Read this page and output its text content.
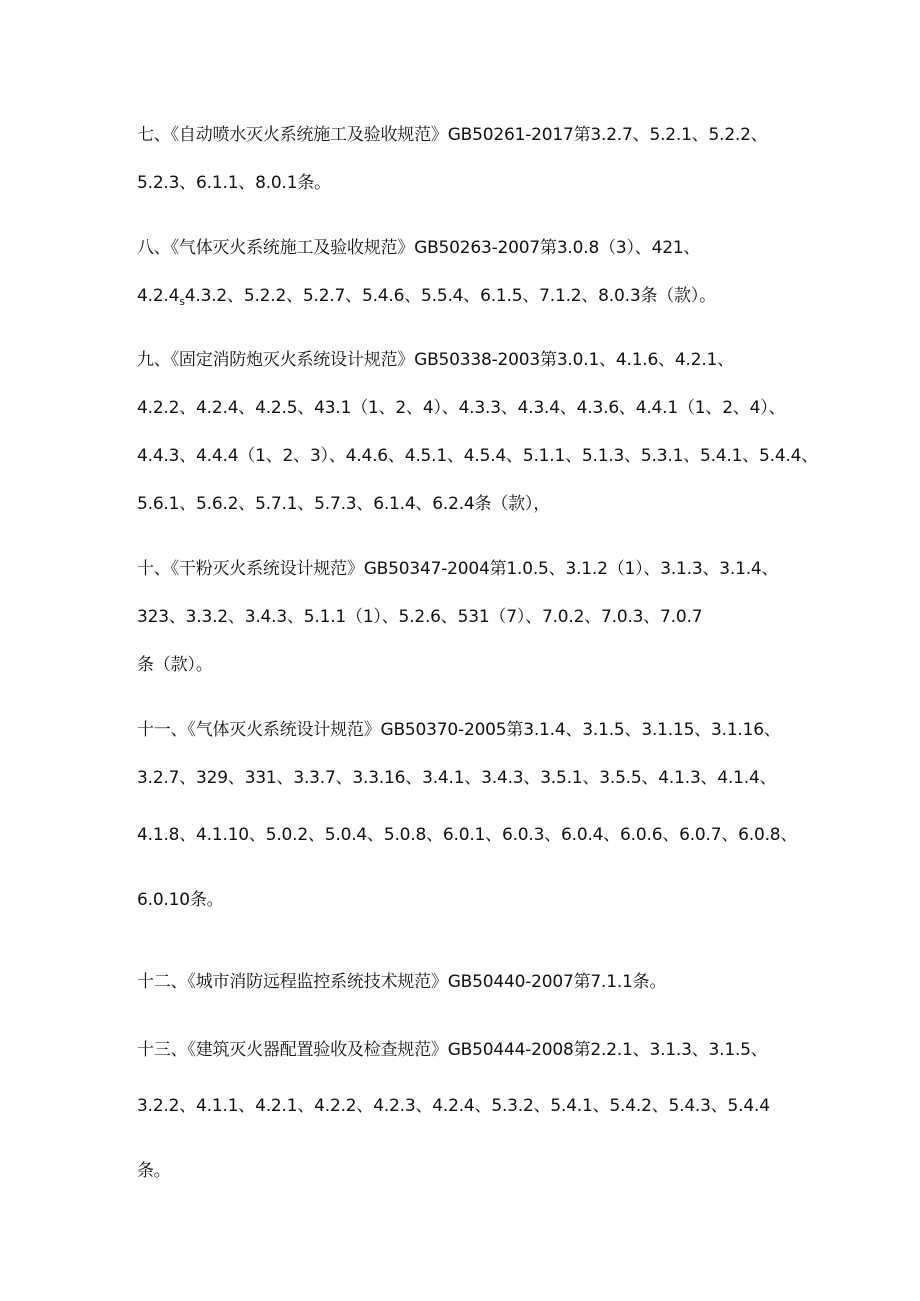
七、《自动喷水灭火系统施工及验收规范》GB50261-2017第3.2.7、5.2.1、5.2.2、
5.2.3、6.1.1、8.0.1条。
八、《气体灭火系统施工及验收规范》GB50263-2007第3.0.8（3）、421、
$4.2.4_s4.3.2$、5.2.2、5.2.7、5.4.6、5.5.4、6.1.5、7.1.2、8.0.3条（款）。
九、《固定消防炮灭火系统设计规范》GB50338-2003第3.0.1、4.1.6、4.2.1、
4.2.2、4.2.4、4.2.5、43.1（1、2、4）、4.3.3、4.3.4、4.3.6、4.4.1（1、2、4）、
4.4.3、4.4.4（1、2、3）、4.4.6、4.5.1、4.5.4、5.1.1、5.1.3、5.3.1、5.4.1、5.4.4、
5.6.1、5.6.2、5.7.1、5.7.3、6.1.4、6.2.4条（款），
十、《干粉灭火系统设计规范》GB50347-2004第1.0.5、3.1.2（1）、3.1.3、3.1.4、
323、3.3.2、3.4.3、5.1.1（1）、5.2.6、531（7）、7.0.2、7.0.3、7.0.7
条（款）。
十一、《气体灭火系统设计规范》GB50370-2005第3.1.4、3.1.5、3.1.15、3.1.16、
3.2.7、329、331、3.3.7、3.3.16、3.4.1、3.4.3、3.5.1、3.5.5、4.1.3、4.1.4、
4.1.8、4.1.10、5.0.2、5.0.4、5.0.8、6.0.1、6.0.3、6.0.4、6.0.6、6.0.7、6.0.8、
6.0.10条。
十二、《城市消防远程监控系统技术规范》GB50440-2007第7.1.1条。
十三、《建筑灭火器配置验收及检查规范》GB50444-2008第2.2.1、3.1.3、3.1.5、
3.2.2、4.1.1、4.2.1、4.2.2、4.2.3、4.2.4、5.3.2、5.4.1、5.4.2、5.4.3、5.4.4
条。
